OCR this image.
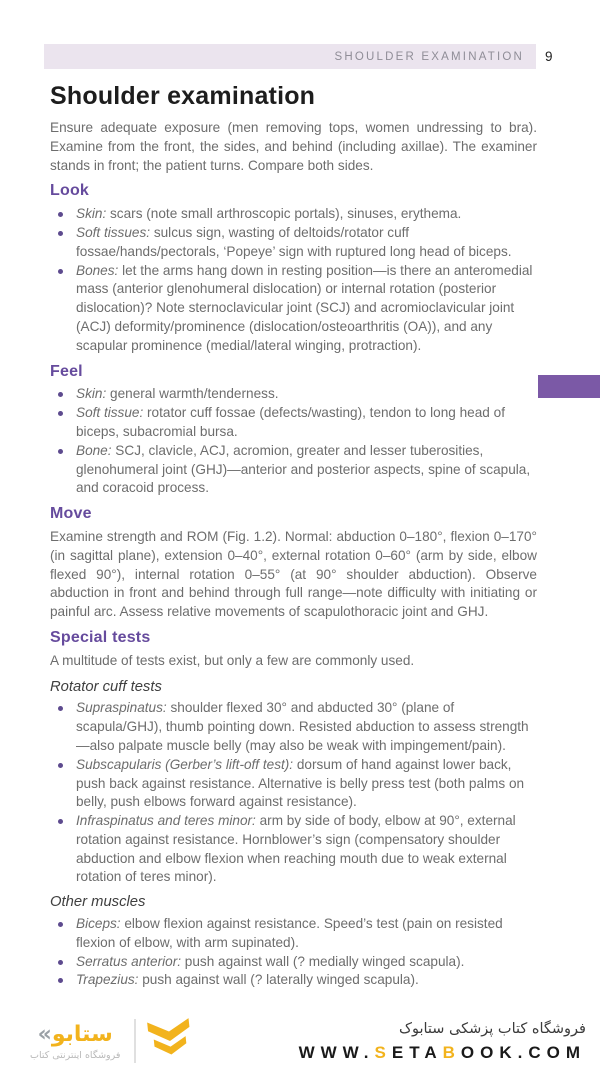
SHOULDER EXAMINATION 9
Shoulder examination

Ensure adequate exposure (men removing tops, women undressing to bra). Examine from the front, the sides, and behind (including axillae). The examiner stands in front; the patient turns. Compare both sides.

Look
Skin: scars (note small arthroscopic portals), sinuses, erythema.
Soft tissues: sulcus sign, wasting of deltoids/rotator cuff fossae/hands/pectorals, ‘Popeye’ sign with ruptured long head of biceps.
Bones: let the arms hang down in resting position—is there an anteromedial mass (anterior glenohumeral dislocation) or internal rotation (posterior dislocation)? Note sternoclavicular joint (SCJ) and acromioclavicular joint (ACJ) deformity/prominence (dislocation/osteoarthritis (OA)), and any scapular prominence (medial/lateral winging, protraction).
Feel
Skin: general warmth/tenderness.
Soft tissue: rotator cuff fossae (defects/wasting), tendon to long head of biceps, subacromial bursa.
Bone: SCJ, clavicle, ACJ, acromion, greater and lesser tuberosities, glenohumeral joint (GHJ)—anterior and posterior aspects, spine of scapula, and coracoid process.
Move

Examine strength and ROM (Fig. 1.2). Normal: abduction 0–180°, flexion 0–170° (in sagittal plane), extension 0–40°, external rotation 0–60° (arm by side, elbow flexed 90°), internal rotation 0–55° (at 90° shoulder abduction). Observe abduction in front and behind through full range—note difficulty with initiating or painful arc. Assess relative movements of scapulothoracic joint and GHJ.

Special tests

A multitude of tests exist, but only a few are commonly used.

Rotator cuff tests
Supraspinatus: shoulder flexed 30° and abducted 30° (plane of scapula/GHJ), thumb pointing down. Resisted abduction to assess strength—also palpate muscle belly (may also be weak with impingement/pain).
Subscapularis (Gerber’s lift-off test): dorsum of hand against lower back, push back against resistance. Alternative is belly press test (both palms on belly, push elbows forward against resistance).
Infraspinatus and teres minor: arm by side of body, elbow at 90°, external rotation against resistance. Hornblower’s sign (compensatory shoulder abduction and elbow flexion when reaching mouth due to weak external rotation of teres minor).
Other muscles
Biceps: elbow flexion against resistance. Speed’s test (pain on resisted flexion of elbow, with arm supinated).
Serratus anterior: push against wall (? medially winged scapula).
Trapezius: push against wall (? laterally winged scapula).
«ستابو
فروشگاه اینترنتی کتاب
فروشگاه کتاب پزشکی ستابوک
WWW.SETABOOK.COM
